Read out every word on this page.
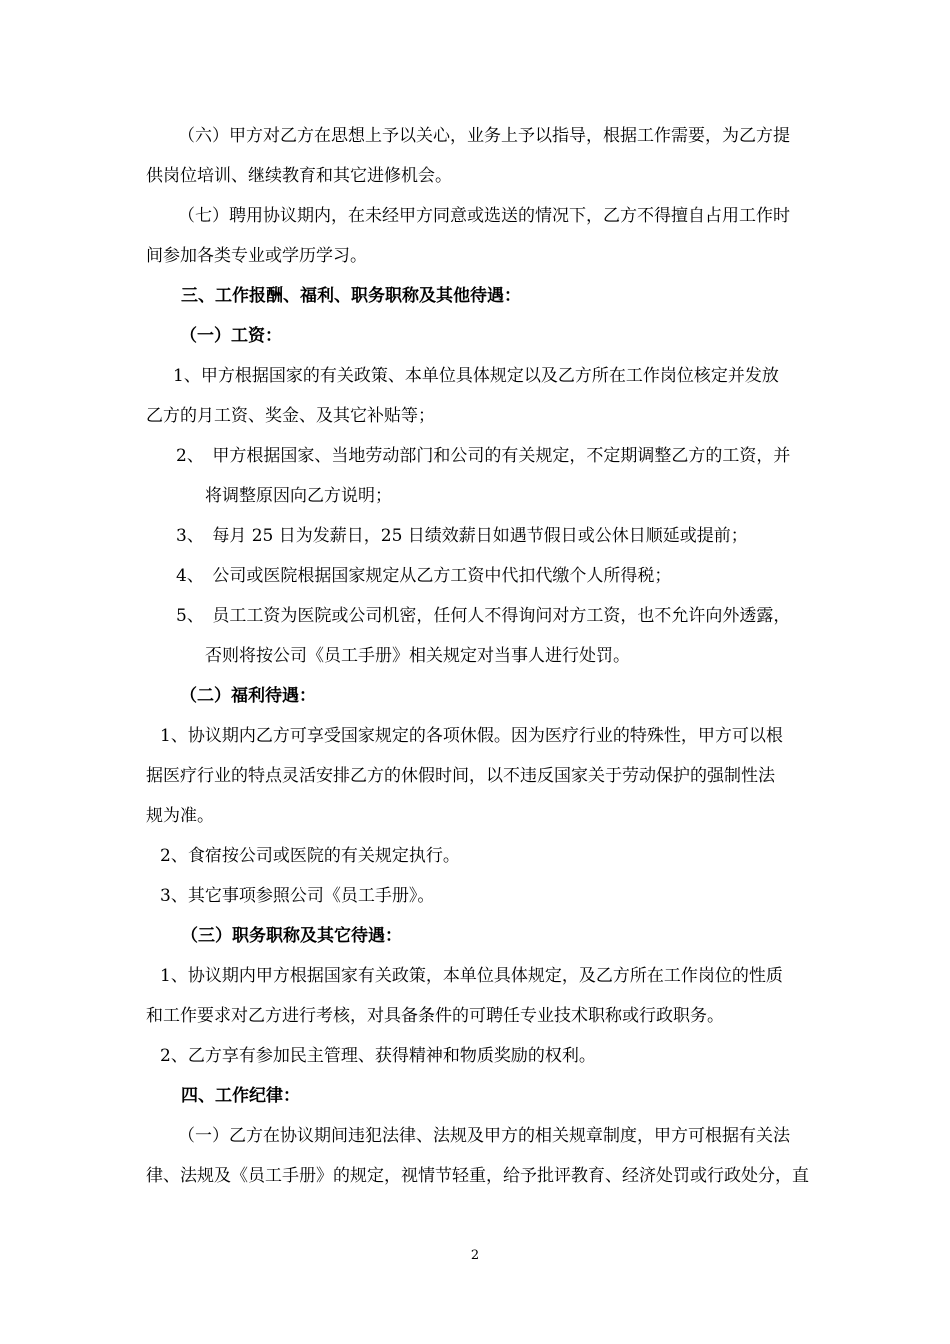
（六）甲方对乙方在思想上予以关心，业务上予以指导，根据工作需要，为乙方提
供岗位培训、继续教育和其它进修机会。
（七）聘用协议期内，在未经甲方同意或选送的情况下，乙方不得擅自占用工作时
间参加各类专业或学历学习。
三、工作报酬、福利、职务职称及其他待遇：
（一）工资：
1、甲方根据国家的有关政策、本单位具体规定以及乙方所在工作岗位核定并发放
乙方的月工资、奖金、及其它补贴等；
2、　甲方根据国家、当地劳动部门和公司的有关规定，不定期调整乙方的工资，并
将调整原因向乙方说明；
3、　每月 25 日为发薪日，25 日绩效薪日如遇节假日或公休日顺延或提前；
4、　公司或医院根据国家规定从乙方工资中代扣代缴个人所得税；
5、　员工工资为医院或公司机密，任何人不得询问对方工资，也不允许向外透露，
否则将按公司《员工手册》相关规定对当事人进行处罚。
（二）福利待遇：
1、协议期内乙方可享受国家规定的各项休假。因为医疗行业的特殊性，甲方可以根
据医疗行业的特点灵活安排乙方的休假时间，以不违反国家关于劳动保护的强制性法
规为准。
2、食宿按公司或医院的有关规定执行。
3、其它事项参照公司《员工手册》。
（三）职务职称及其它待遇：
1、协议期内甲方根据国家有关政策，本单位具体规定，及乙方所在工作岗位的性质
和工作要求对乙方进行考核，对具备条件的可聘任专业技术职称或行政职务。
2、乙方享有参加民主管理、获得精神和物质奖励的权利。
四、工作纪律：
（一）乙方在协议期间违犯法律、法规及甲方的相关规章制度，甲方可根据有关法
律、法规及《员工手册》的规定，视情节轻重，给予批评教育、经济处罚或行政处分，直
2
